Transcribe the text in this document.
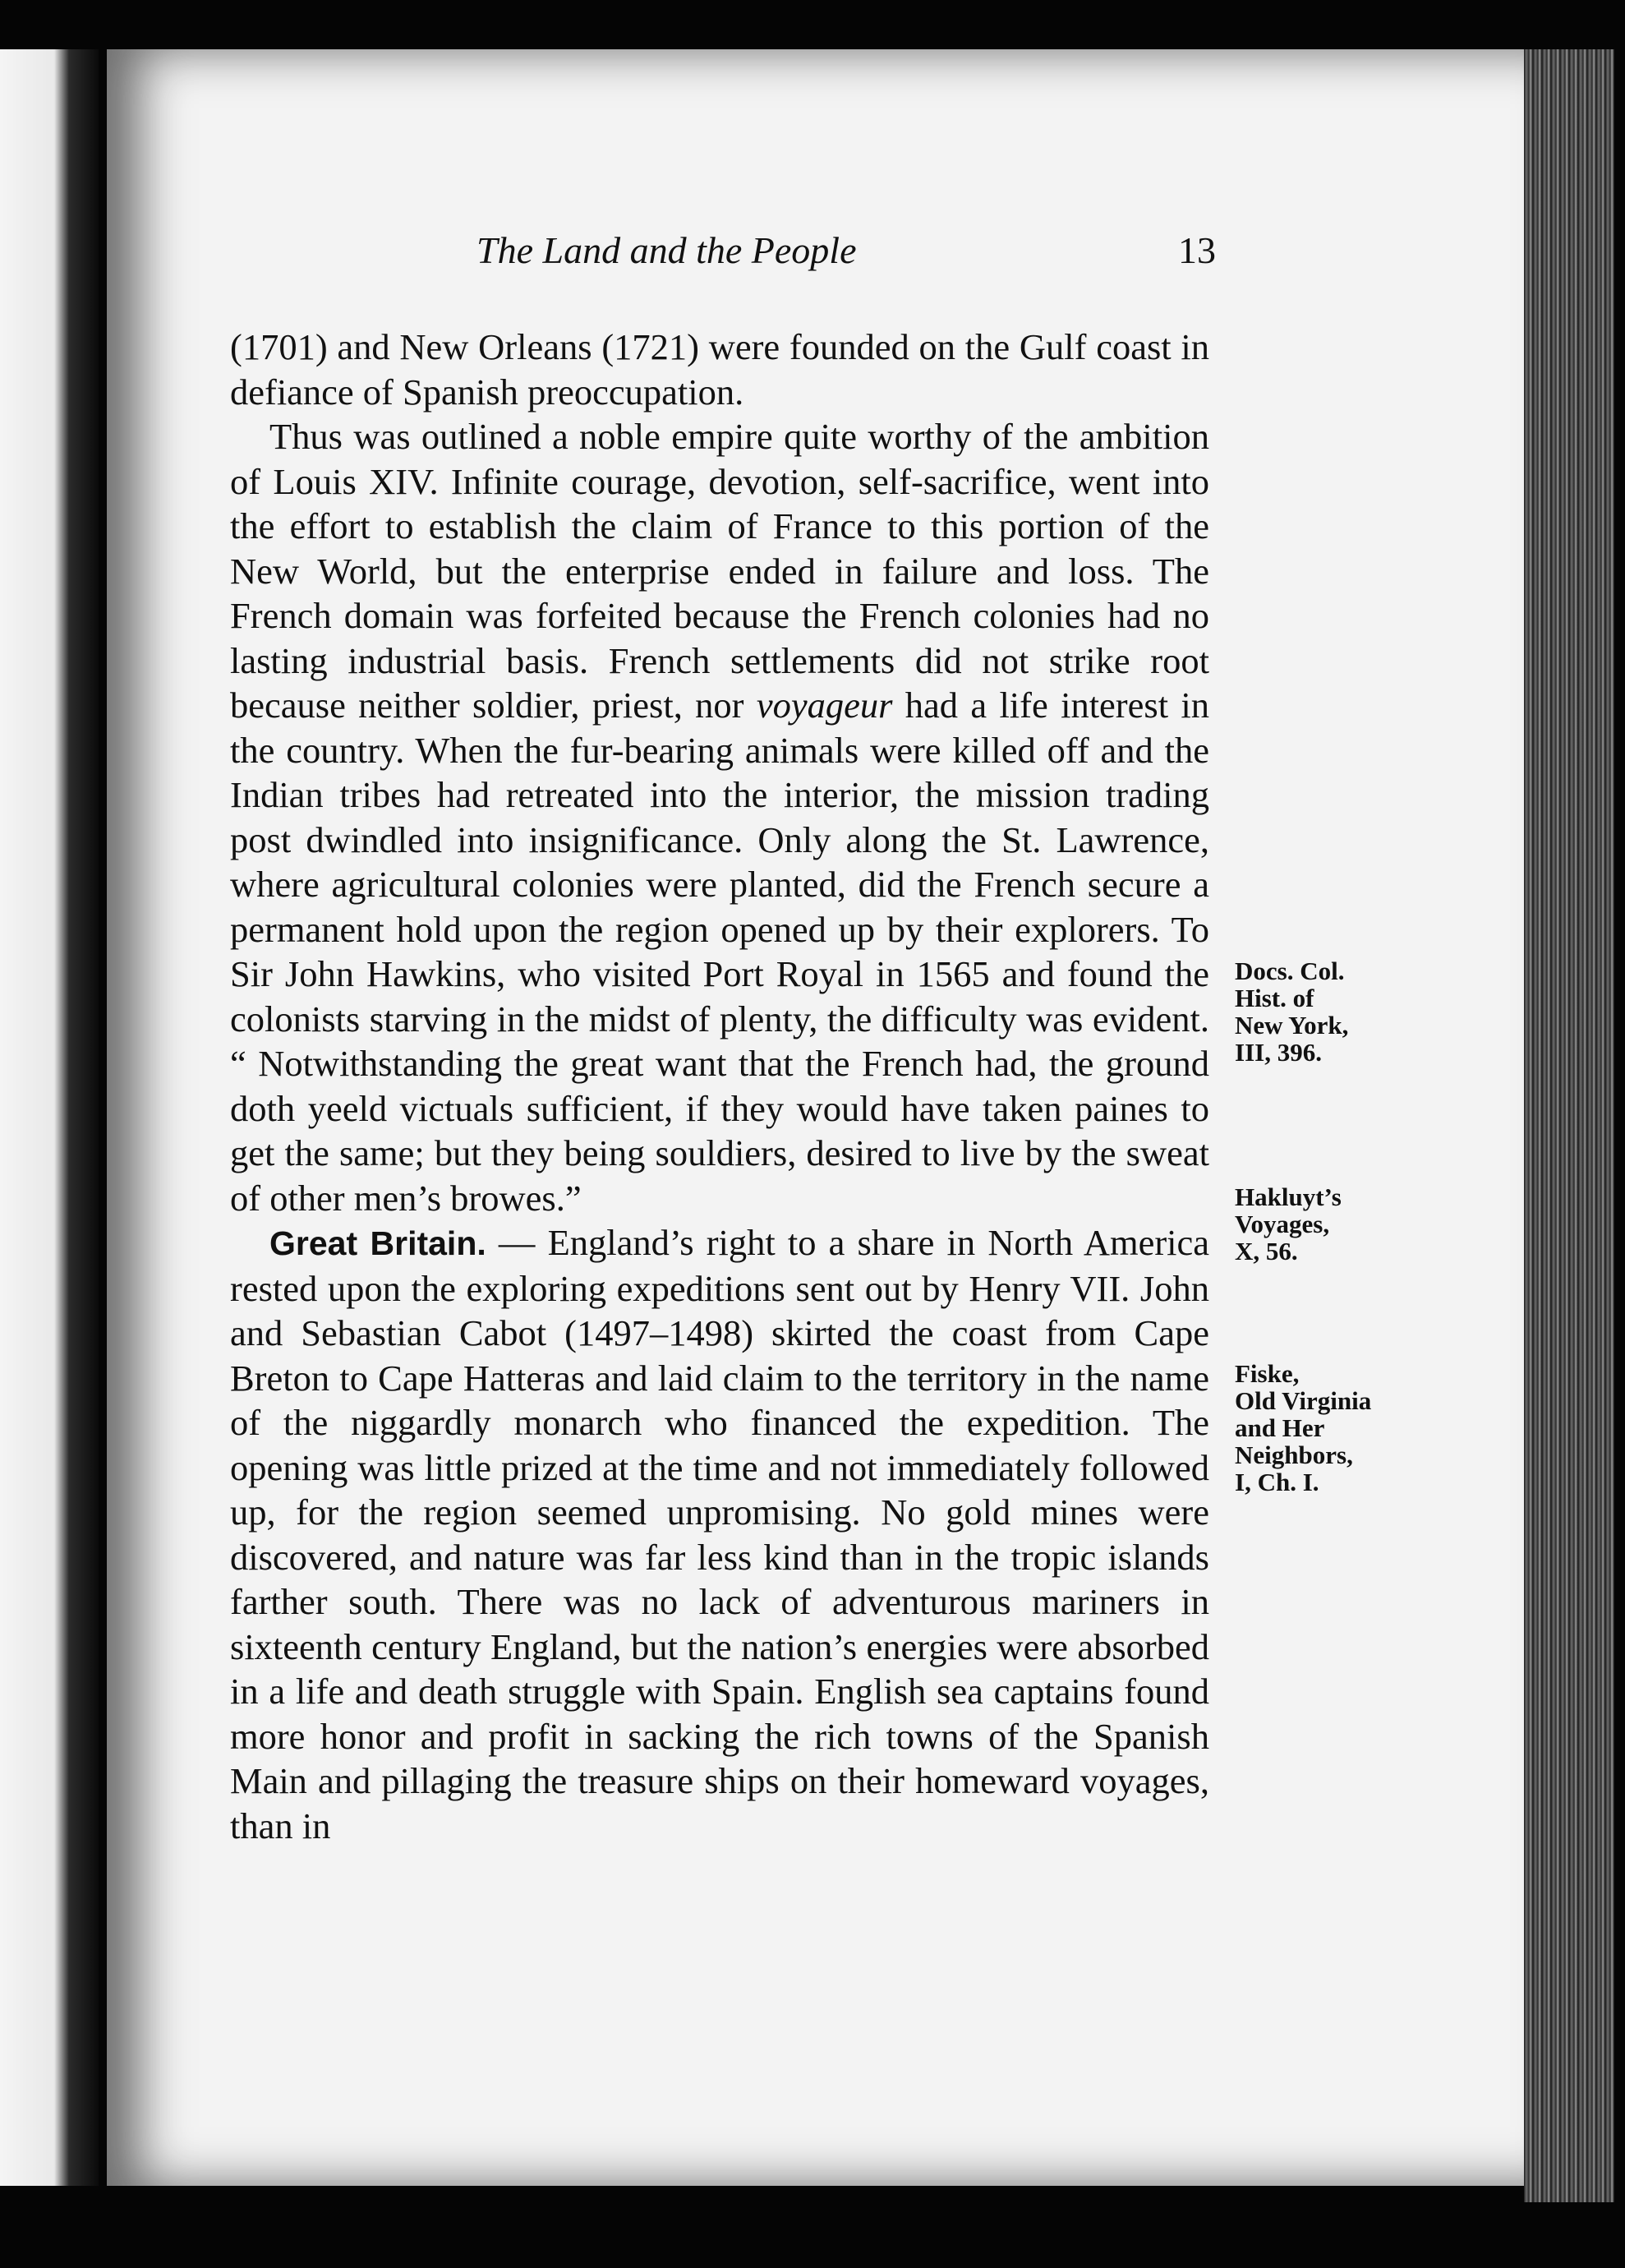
The Land and the People	13

(1701) and New Orleans (1721) were founded on the Gulf coast in defiance of Spanish preoccupation.

Thus was outlined a noble empire quite worthy of the ambition of Louis XIV. Infinite courage, devotion, self-sacrifice, went into the effort to establish the claim of France to this portion of the New World, but the enterprise ended in failure and loss. The French domain was forfeited because the French colonies had no lasting industrial basis. French settlements did not strike root because neither soldier, priest, nor voyageur had a life interest in the country. When the fur-bearing animals were killed off and the Indian tribes had retreated into the interior, the mission trading post dwindled into insignificance. Only along the St. Lawrence, where agricultural colonies were planted, did the French secure a permanent hold upon the region opened up by their explorers. To Sir John Hawkins, who visited Port Royal in 1565 and found the colonists starving in the midst of plenty, the difficulty was evident. “ Notwithstanding the great want that the French had, the ground doth yeeld victuals sufficient, if they would have taken paines to get the same; but they being souldiers, desired to live by the sweat of other men’s browes.”

Great Britain. — England’s right to a share in North America rested upon the exploring expeditions sent out by Henry VII. John and Sebastian Cabot (1497–1498) skirted the coast from Cape Breton to Cape Hatteras and laid claim to the territory in the name of the niggardly monarch who financed the expedition. The opening was little prized at the time and not immediately followed up, for the region seemed unpromising. No gold mines were discovered, and nature was far less kind than in the tropic islands farther south. There was no lack of adventurous mariners in sixteenth century England, but the nation’s energies were absorbed in a life and death struggle with Spain. English sea captains found more honor and profit in sacking the rich towns of the Spanish Main and pillaging the treasure ships on their homeward voyages, than in

Docs. Col.
Hist. of
New York,
III, 396.
Hakluyt’s
Voyages,
X, 56.
Fiske,
Old Virginia
and Her
Neighbors,
I, Ch. I.
